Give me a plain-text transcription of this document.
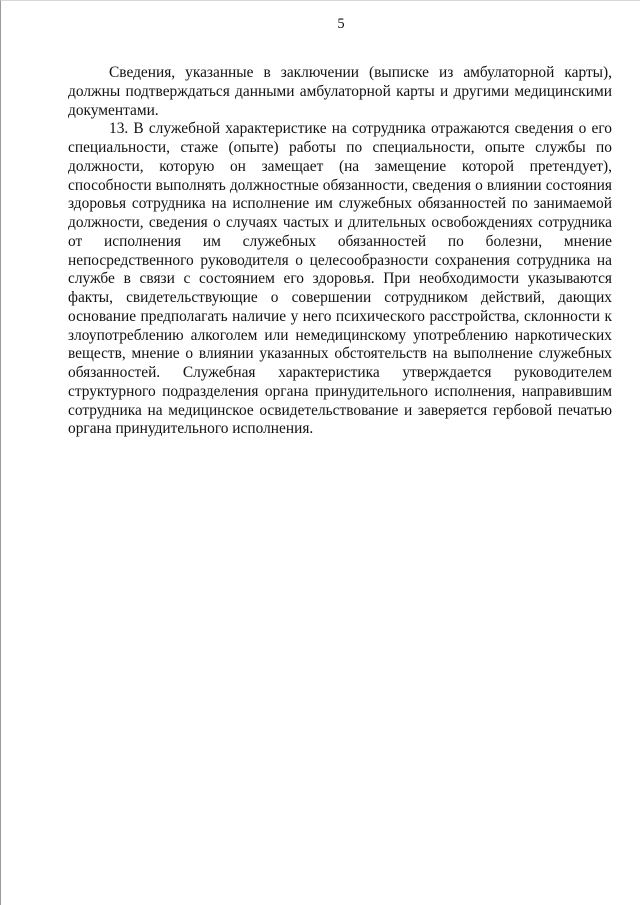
5

Сведения, указанные в заключении (выписке из амбулаторной карты), должны подтверждаться данными амбулаторной карты и другими медицинскими документами.

13. В служебной характеристике на сотрудника отражаются сведения о его специальности, стаже (опыте) работы по специальности, опыте службы по должности, которую он замещает (на замещение которой претендует), способности выполнять должностные обязанности, сведения о влиянии состояния здоровья сотрудника на исполнение им служебных обязанностей по занимаемой должности, сведения о случаях частых и длительных освобождениях сотрудника от исполнения им служебных обязанностей по болезни, мнение непосредственного руководителя о целесообразности сохранения сотрудника на службе в связи с состоянием его здоровья. При необходимости указываются факты, свидетельствующие о совершении сотрудником действий, дающих основание предполагать наличие у него психического расстройства, склонности к злоупотреблению алкоголем или немедицинскому употреблению наркотических веществ, мнение о влиянии указанных обстоятельств на выполнение служебных обязанностей. Служебная характеристика утверждается руководителем структурного подразделения органа принудительного исполнения, направившим сотрудника на медицинское освидетельствование и заверяется гербовой печатью органа принудительного исполнения.
